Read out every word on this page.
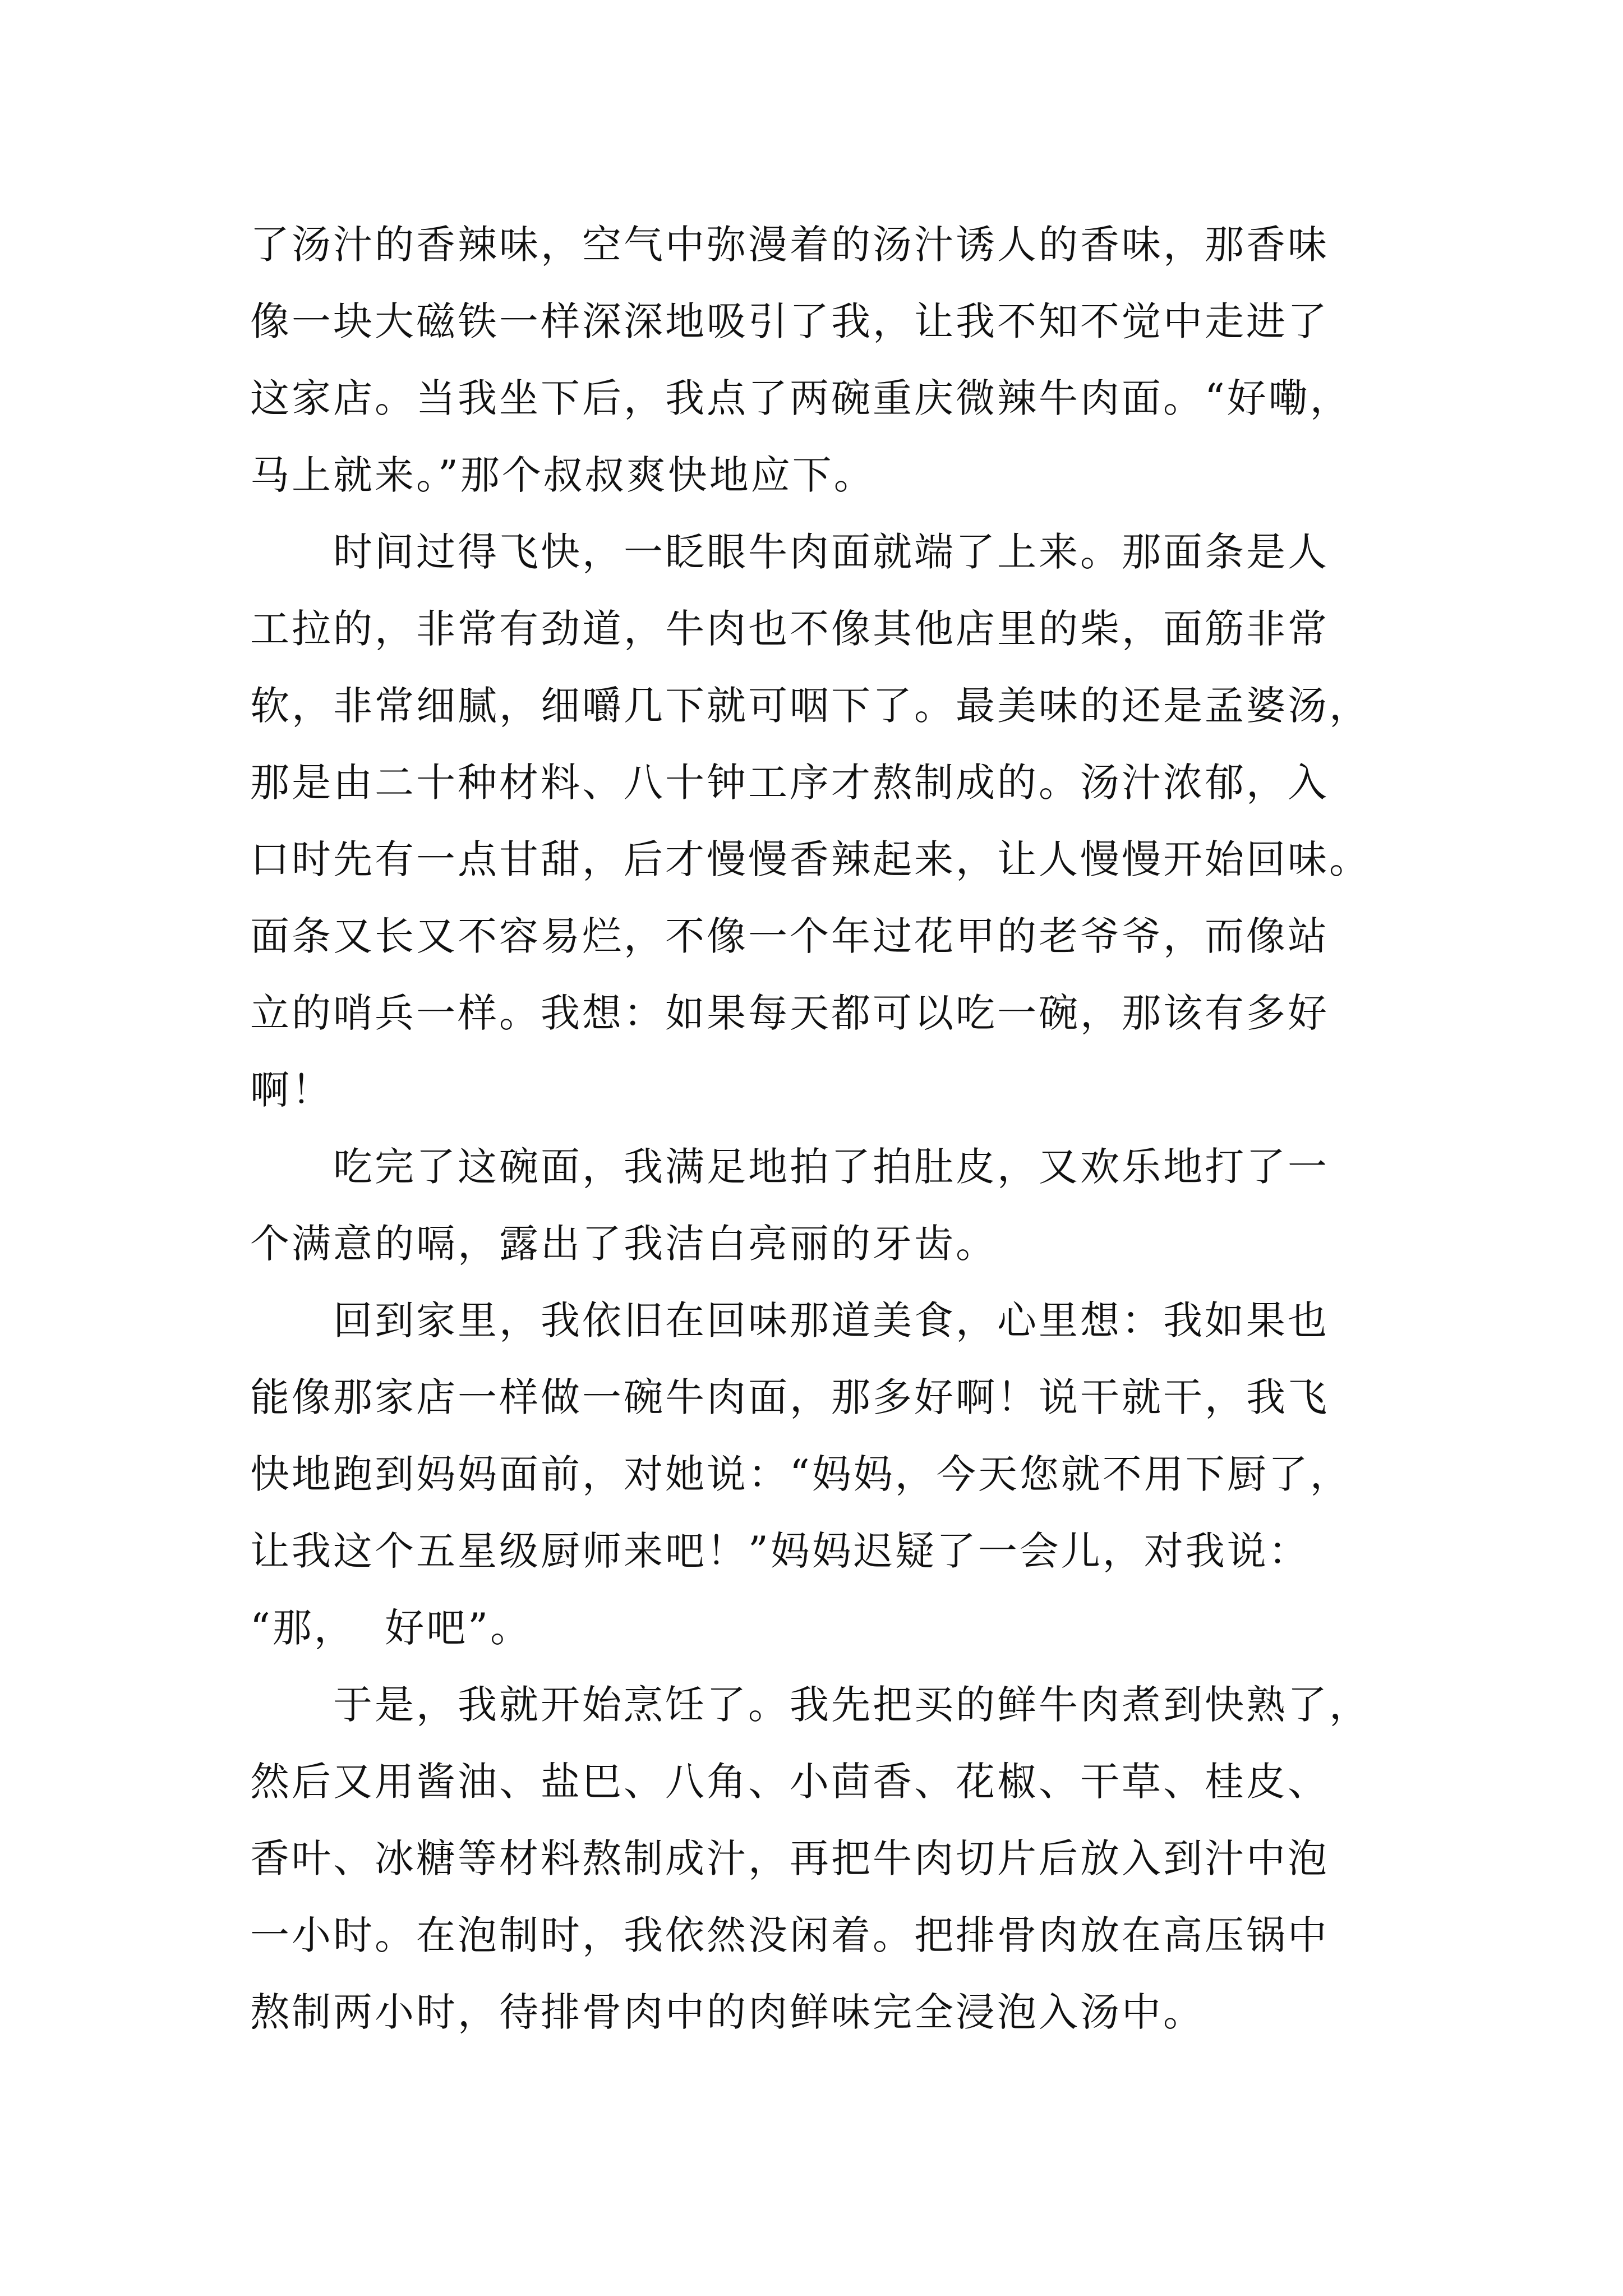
了汤汁的香辣味，空气中弥漫着的汤汁诱人的香味，那香味
像一块大磁铁一样深深地吸引了我，让我不知不觉中走进了
这家店。当我坐下后，我点了两碗重庆微辣牛肉面。“好嘞，
马上就来。”那个叔叔爽快地应下。
时间过得飞快，一眨眼牛肉面就端了上来。那面条是人
工拉的，非常有劲道，牛肉也不像其他店里的柴，面筋非常
软，非常细腻，细嚼几下就可咽下了。最美味的还是孟婆汤，
那是由二十种材料、八十钟工序才熬制成的。汤汁浓郁，入
口时先有一点甘甜，后才慢慢香辣起来，让人慢慢开始回味。
面条又长又不容易烂，不像一个年过花甲的老爷爷，而像站
立的哨兵一样。我想：如果每天都可以吃一碗，那该有多好
啊！
吃完了这碗面，我满足地拍了拍肚皮，又欢乐地打了一
个满意的嗝，露出了我洁白亮丽的牙齿。
回到家里，我依旧在回味那道美食，心里想：我如果也
能像那家店一样做一碗牛肉面，那多好啊！说干就干，我飞
快地跑到妈妈面前，对她说：“妈妈，今天您就不用下厨了，
让我这个五星级厨师来吧！”妈妈迟疑了一会儿，对我说：
“那，  好吧”。
于是，我就开始烹饪了。我先把买的鲜牛肉煮到快熟了，
然后又用酱油、盐巴、八角、小茴香、花椒、干草、桂皮、
香叶、冰糖等材料熬制成汁，再把牛肉切片后放入到汁中泡
一小时。在泡制时，我依然没闲着。把排骨肉放在高压锅中
熬制两小时，待排骨肉中的肉鲜味完全浸泡入汤中。
